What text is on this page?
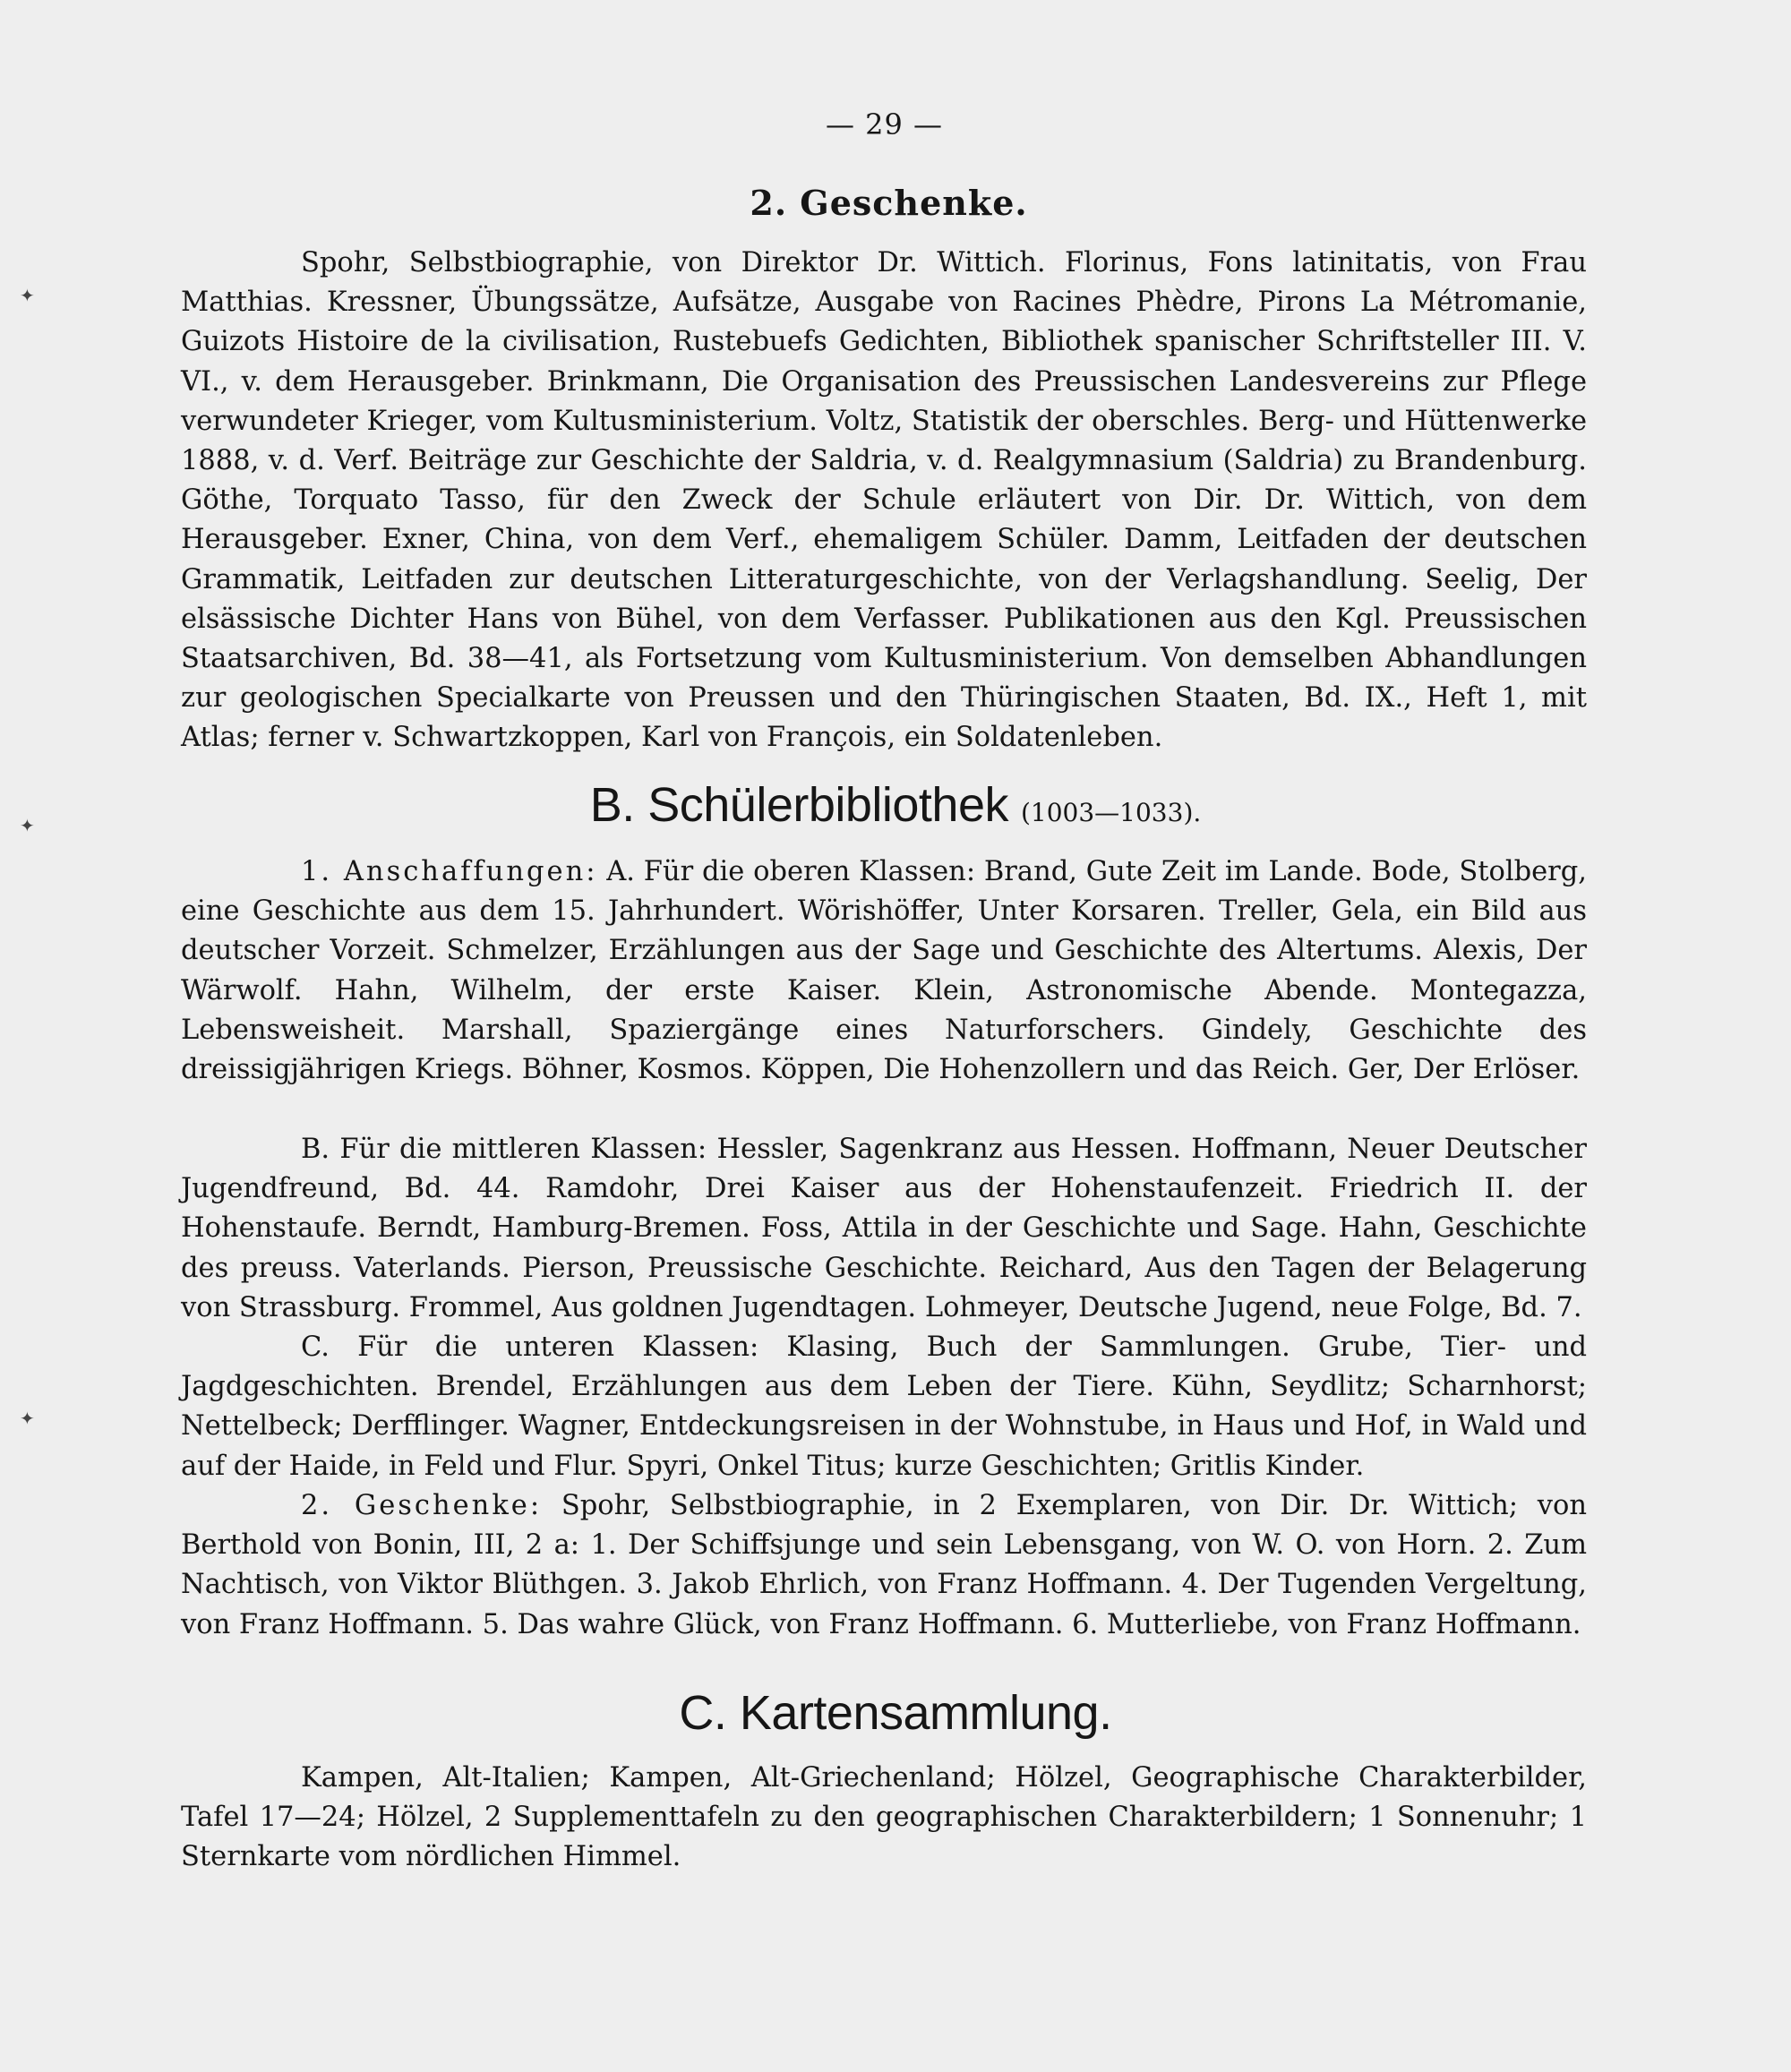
— 29 —
2. Geschenke.

Spohr, Selbstbiographie, von Direktor Dr. Wittich. Florinus, Fons latinitatis, von Frau Matthias. Kressner, Übungssätze, Aufsätze, Ausgabe von Racines Phèdre, Pirons La Métromanie, Guizots Histoire de la civilisation, Rustebuefs Gedichten, Bibliothek spanischer Schriftsteller III. V. VI., v. dem Herausgeber. Brinkmann, Die Organisation des Preussischen Landesvereins zur Pflege verwundeter Krieger, vom Kultusministerium. Voltz, Statistik der oberschles. Berg- und Hüttenwerke 1888, v. d. Verf. Beiträge zur Geschichte der Saldria, v. d. Realgymnasium (Saldria) zu Brandenburg. Göthe, Torquato Tasso, für den Zweck der Schule erläutert von Dir. Dr. Wittich, von dem Herausgeber. Exner, China, von dem Verf., ehemaligem Schüler. Damm, Leitfaden der deutschen Grammatik, Leitfaden zur deutschen Litteraturgeschichte, von der Verlagshandlung. Seelig, Der elsässische Dichter Hans von Bühel, von dem Verfasser. Publikationen aus den Kgl. Preussischen Staatsarchiven, Bd. 38—41, als Fortsetzung vom Kultusministerium. Von demselben Abhandlungen zur geologischen Specialkarte von Preussen und den Thüringischen Staaten, Bd. IX., Heft 1, mit Atlas; ferner v. Schwartzkoppen, Karl von François, ein Soldatenleben.

B. Schülerbibliothek (1003—1033).

1. Anschaffungen: A. Für die oberen Klassen: Brand, Gute Zeit im Lande. Bode, Stolberg, eine Geschichte aus dem 15. Jahrhundert. Wörishöffer, Unter Korsaren. Treller, Gela, ein Bild aus deutscher Vorzeit. Schmelzer, Erzählungen aus der Sage und Geschichte des Altertums. Alexis, Der Wärwolf. Hahn, Wilhelm, der erste Kaiser. Klein, Astronomische Abende. Montegazza, Lebensweisheit. Marshall, Spaziergänge eines Naturforschers. Gindely, Geschichte des dreissigjährigen Kriegs. Böhner, Kosmos. Köppen, Die Hohenzollern und das Reich. Ger, Der Erlöser.

B. Für die mittleren Klassen: Hessler, Sagenkranz aus Hessen. Hoffmann, Neuer Deutscher Jugendfreund, Bd. 44. Ramdohr, Drei Kaiser aus der Hohenstaufenzeit. Friedrich II. der Hohenstaufe. Berndt, Hamburg-Bremen. Foss, Attila in der Geschichte und Sage. Hahn, Geschichte des preuss. Vaterlands. Pierson, Preussische Geschichte. Reichard, Aus den Tagen der Belagerung von Strassburg. Frommel, Aus goldnen Jugendtagen. Lohmeyer, Deutsche Jugend, neue Folge, Bd. 7.

C. Für die unteren Klassen: Klasing, Buch der Sammlungen. Grube, Tier- und Jagdgeschichten. Brendel, Erzählungen aus dem Leben der Tiere. Kühn, Seydlitz; Scharnhorst; Nettelbeck; Derfflinger. Wagner, Entdeckungsreisen in der Wohnstube, in Haus und Hof, in Wald und auf der Haide, in Feld und Flur. Spyri, Onkel Titus; kurze Geschichten; Gritlis Kinder.

2. Geschenke: Spohr, Selbstbiographie, in 2 Exemplaren, von Dir. Dr. Wittich; von Berthold von Bonin, III, 2 a: 1. Der Schiffsjunge und sein Lebensgang, von W. O. von Horn. 2. Zum Nachtisch, von Viktor Blüthgen. 3. Jakob Ehrlich, von Franz Hoffmann. 4. Der Tugenden Vergeltung, von Franz Hoffmann. 5. Das wahre Glück, von Franz Hoffmann. 6. Mutterliebe, von Franz Hoffmann.

C. Kartensammlung.

Kampen, Alt-Italien; Kampen, Alt-Griechenland; Hölzel, Geographische Charakterbilder, Tafel 17—24; Hölzel, 2 Supplementtafeln zu den geographischen Charakterbildern; 1 Sonnenuhr; 1 Sternkarte vom nördlichen Himmel.

✦
✦
✦
